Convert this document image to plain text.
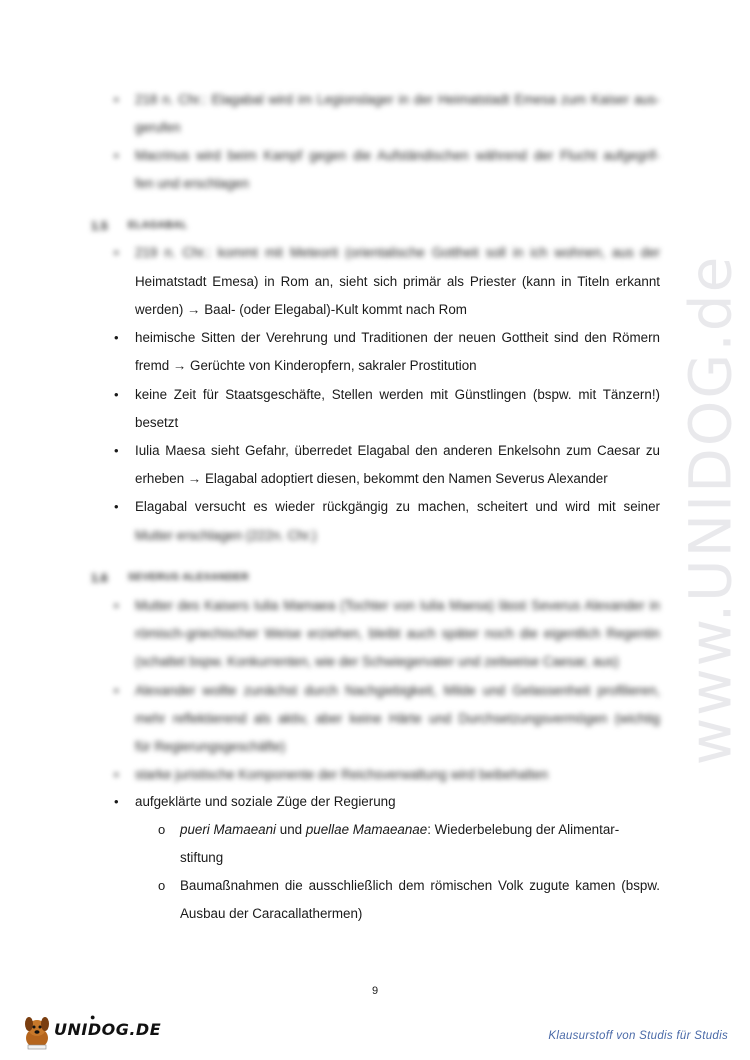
www.UNIDOG.de
• 218 n. Chr.: Elagabal wird im Legionslager in der Heimatstadt Emesa zum Kaiser aus-
gerufen
• Macrinus wird beim Kampf gegen die Aufständischen während der Flucht aufgegrif-
fen und erschlagen
1.5 ELAGABAL
• 219 n. Chr.: kommt mit Meteorit (orientalische Gottheit soll in ich wohnen, aus der
Heimatstadt Emesa) in Rom an, sieht sich primär als Priester (kann in Titeln erkannt
werden) → Baal- (oder Elegabal)-Kult kommt nach Rom
• heimische Sitten der Verehrung und Traditionen der neuen Gottheit sind den Römern
fremd → Gerüchte von Kinderopfern, sakraler Prostitution
• keine Zeit für Staatsgeschäfte, Stellen werden mit Günstlingen (bspw. mit Tänzern!)
besetzt
• Iulia Maesa sieht Gefahr, überredet Elagabal den anderen Enkelsohn zum Caesar zu
erheben → Elagabal adoptiert diesen, bekommt den Namen Severus Alexander
• Elagabal versucht es wieder rückgängig zu machen, scheitert und wird mit seiner
Mutter erschlagen (222n. Chr.)
1.6 SEVERUS ALEXANDER
• Mutter des Kaisers Iulia Mamaea (Tochter von Iulia Maesa) lässt Severus Alexander in
römisch-griechischer Weise erziehen, bleibt auch später noch die eigentlich Regentin
(schaltet bspw. Konkurrenten, wie der Schwiegervater und zeitweise Caesar, aus)
• Alexander wollte zunächst durch Nachgiebigkeit, Milde und Gelassenheit profilieren,
mehr reflektierend als aktiv, aber keine Härte und Durchsetzungsvermögen (wichtig
für Regierungsgeschäfte)
• starke juristische Komponente der Reichsverwaltung wird beibehalten
• aufgeklärte und soziale Züge der Regierung
o pueri Mamaeani und puellae Mamaeanae: Wiederbelebung der Alimentar-
stiftung
o Baumaßnahmen die ausschließlich dem römischen Volk zugute kamen (bspw.
Ausbau der Caracallathermen)
9
UNIDOG.DE
●
Klausurstoff von Studis für Studis
